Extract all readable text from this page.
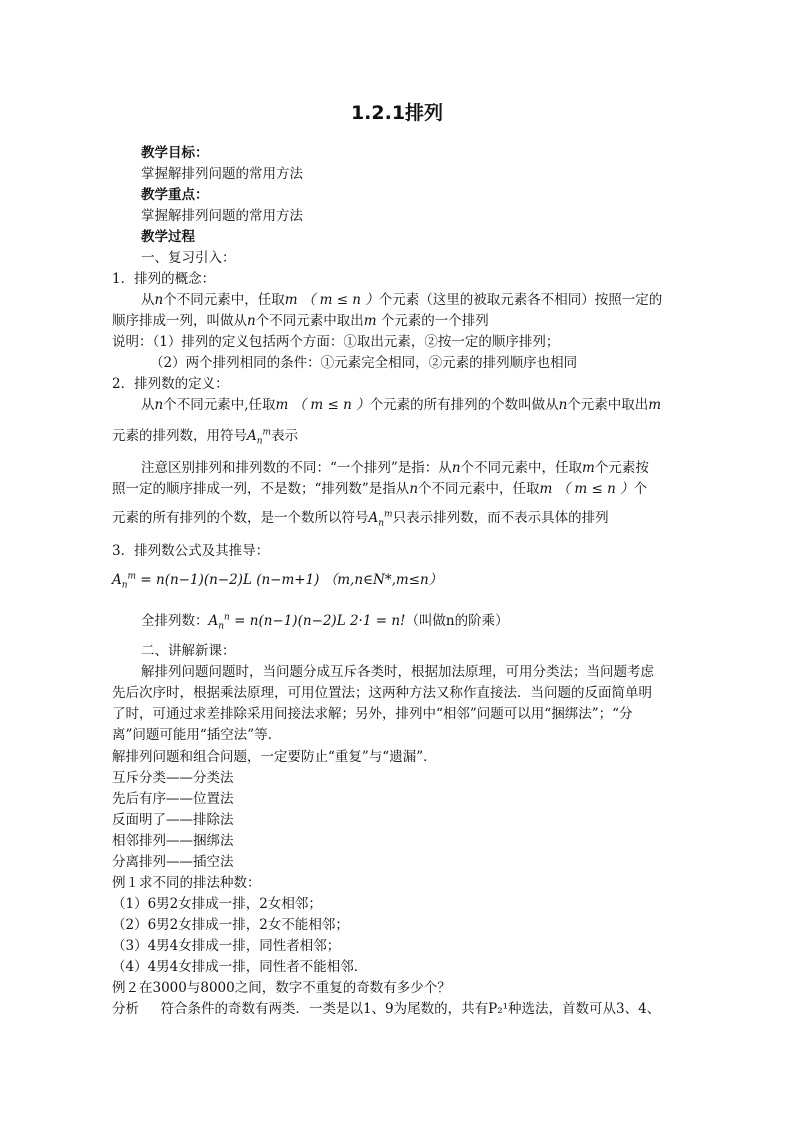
1.2.1排列
教学目标：
掌握解排列问题的常用方法
教学重点：
掌握解排列问题的常用方法
教学过程
一、复习引入：
1．排列的概念：
从n个不同元素中，任取m （ m ≤ n ）个元素（这里的被取元素各不相同）按照一定的
顺序排成一列，叫做从n个不同元素中取出m 个元素的一个排列
说明：（1）排列的定义包括两个方面：①取出元素，②按一定的顺序排列；
（2）两个排列相同的条件：①元素完全相同，②元素的排列顺序也相同
2．排列数的定义：
从n个不同元素中,任取m （ m ≤ n ）个元素的所有排列的个数叫做从n个元素中取出m
元素的排列数，用符号$A_n^m$表示
注意区别排列和排列数的不同：“一个排列”是指：从n个不同元素中，任取m个元素按
照一定的顺序排成一列，不是数；“排列数”是指从n个不同元素中，任取m （ m ≤ n ）个
元素的所有排列的个数，是一个数所以符号$A_n^m$只表示排列数，而不表示具体的排列
3．排列数公式及其推导：
$A_n^m = n(n-1)(n-2)L$ (n−m+1) （m,n∈N*,m≤n）
全排列数：$A_n^n = n(n-1)(n-2)L$ 2·1 = n!（叫做n的阶乘）
二、讲解新课：
解排列问题问题时，当问题分成互斥各类时，根据加法原理，可用分类法；当问题考虑
先后次序时，根据乘法原理，可用位置法；这两种方法又称作直接法．当问题的反面简单明
了时，可通过求差排除采用间接法求解；另外，排列中“相邻”问题可以用“捆绑法”；“分
离”问题可能用“插空法”等．
解排列问题和组合问题，一定要防止“重复”与“遗漏”．
互斥分类——分类法
先后有序——位置法
反面明了——排除法
相邻排列——捆绑法
分离排列——插空法
例１求不同的排法种数：
（1）6男2女排成一排，2女相邻；
（2）6男2女排成一排，2女不能相邻；
（3）4男4女排成一排，同性者相邻；
（4）4男4女排成一排，同性者不能相邻．
例２在3000与8000之间，数字不重复的奇数有多少个？
分析 符合条件的奇数有两类．一类是以1、9为尾数的，共有P₂¹种选法，首数可从3、4、
